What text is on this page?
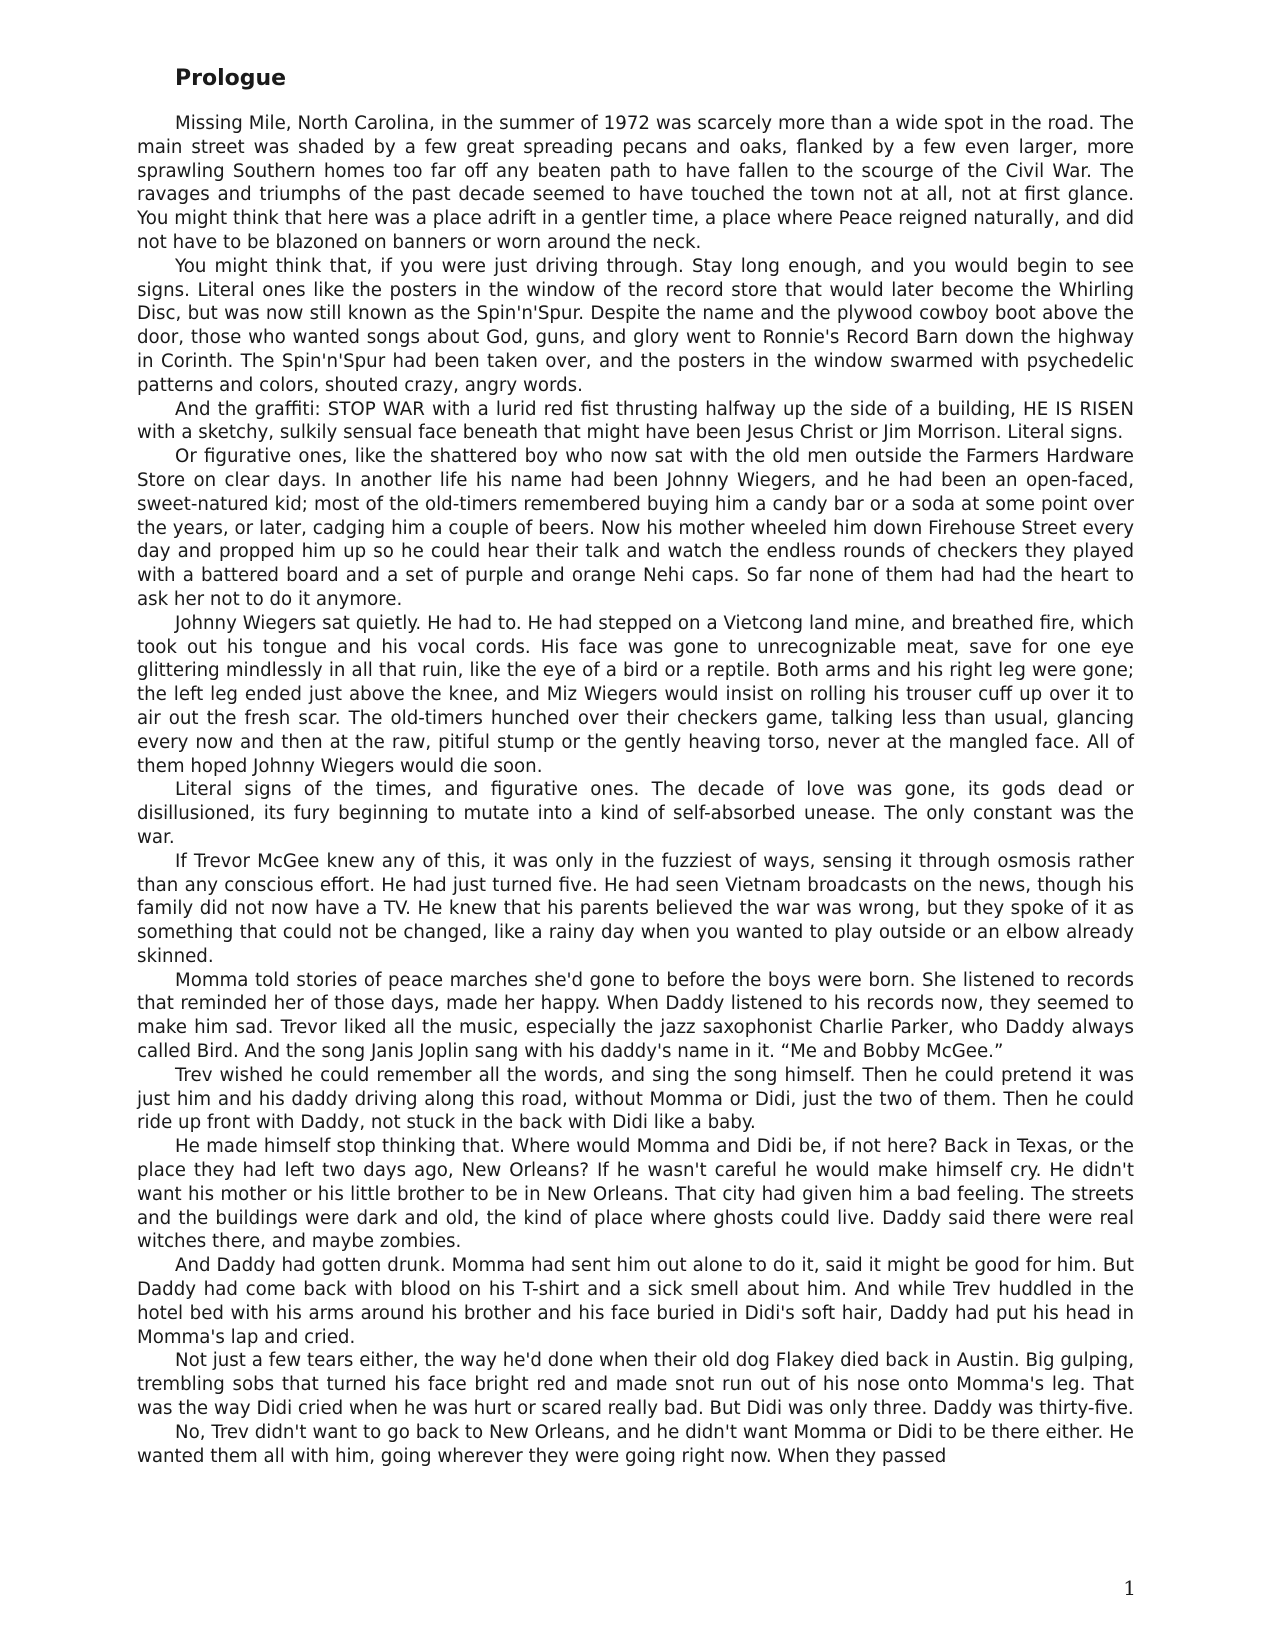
Prologue

Missing Mile, North Carolina, in the summer of 1972 was scarcely more than a wide spot in the road. The main street was shaded by a few great spreading pecans and oaks, flanked by a few even larger, more sprawling Southern homes too far off any beaten path to have fallen to the scourge of the Civil War. The ravages and triumphs of the past decade seemed to have touched the town not at all, not at first glance. You might think that here was a place adrift in a gentler time, a place where Peace reigned naturally, and did not have to be blazoned on banners or worn around the neck.

You might think that, if you were just driving through. Stay long enough, and you would begin to see signs. Literal ones like the posters in the window of the record store that would later become the Whirling Disc, but was now still known as the Spin'n'Spur. Despite the name and the plywood cowboy boot above the door, those who wanted songs about God, guns, and glory went to Ronnie's Record Barn down the highway in Corinth. The Spin'n'Spur had been taken over, and the posters in the window swarmed with psychedelic patterns and colors, shouted crazy, angry words.

And the graffiti: STOP WAR with a lurid red fist thrusting halfway up the side of a building, HE IS RISEN with a sketchy, sulkily sensual face beneath that might have been Jesus Christ or Jim Morrison. Literal signs.

Or figurative ones, like the shattered boy who now sat with the old men outside the Farmers Hardware Store on clear days. In another life his name had been Johnny Wiegers, and he had been an open-faced, sweet-natured kid; most of the old-timers remembered buying him a candy bar or a soda at some point over the years, or later, cadging him a couple of beers. Now his mother wheeled him down Firehouse Street every day and propped him up so he could hear their talk and watch the endless rounds of checkers they played with a battered board and a set of purple and orange Nehi caps. So far none of them had had the heart to ask her not to do it anymore.

Johnny Wiegers sat quietly. He had to. He had stepped on a Vietcong land mine, and breathed fire, which took out his tongue and his vocal cords. His face was gone to unrecognizable meat, save for one eye glittering mindlessly in all that ruin, like the eye of a bird or a reptile. Both arms and his right leg were gone; the left leg ended just above the knee, and Miz Wiegers would insist on rolling his trouser cuff up over it to air out the fresh scar. The old-timers hunched over their checkers game, talking less than usual, glancing every now and then at the raw, pitiful stump or the gently heaving torso, never at the mangled face. All of them hoped Johnny Wiegers would die soon.

Literal signs of the times, and figurative ones. The decade of love was gone, its gods dead or disillusioned, its fury beginning to mutate into a kind of self-absorbed unease. The only constant was the war.

If Trevor McGee knew any of this, it was only in the fuzziest of ways, sensing it through osmosis rather than any conscious effort. He had just turned five. He had seen Vietnam broadcasts on the news, though his family did not now have a TV. He knew that his parents believed the war was wrong, but they spoke of it as something that could not be changed, like a rainy day when you wanted to play outside or an elbow already skinned.

Momma told stories of peace marches she'd gone to before the boys were born. She listened to records that reminded her of those days, made her happy. When Daddy listened to his records now, they seemed to make him sad. Trevor liked all the music, especially the jazz saxophonist Charlie Parker, who Daddy always called Bird. And the song Janis Joplin sang with his daddy's name in it. “Me and Bobby McGee.”

Trev wished he could remember all the words, and sing the song himself. Then he could pretend it was just him and his daddy driving along this road, without Momma or Didi, just the two of them. Then he could ride up front with Daddy, not stuck in the back with Didi like a baby.

He made himself stop thinking that. Where would Momma and Didi be, if not here? Back in Texas, or the place they had left two days ago, New Orleans? If he wasn't careful he would make himself cry. He didn't want his mother or his little brother to be in New Orleans. That city had given him a bad feeling. The streets and the buildings were dark and old, the kind of place where ghosts could live. Daddy said there were real witches there, and maybe zombies.

And Daddy had gotten drunk. Momma had sent him out alone to do it, said it might be good for him. But Daddy had come back with blood on his T-shirt and a sick smell about him. And while Trev huddled in the hotel bed with his arms around his brother and his face buried in Didi's soft hair, Daddy had put his head in Momma's lap and cried.

Not just a few tears either, the way he'd done when their old dog Flakey died back in Austin. Big gulping, trembling sobs that turned his face bright red and made snot run out of his nose onto Momma's leg. That was the way Didi cried when he was hurt or scared really bad. But Didi was only three. Daddy was thirty-five.

No, Trev didn't want to go back to New Orleans, and he didn't want Momma or Didi to be there either. He wanted them all with him, going wherever they were going right now. When they passed

1
